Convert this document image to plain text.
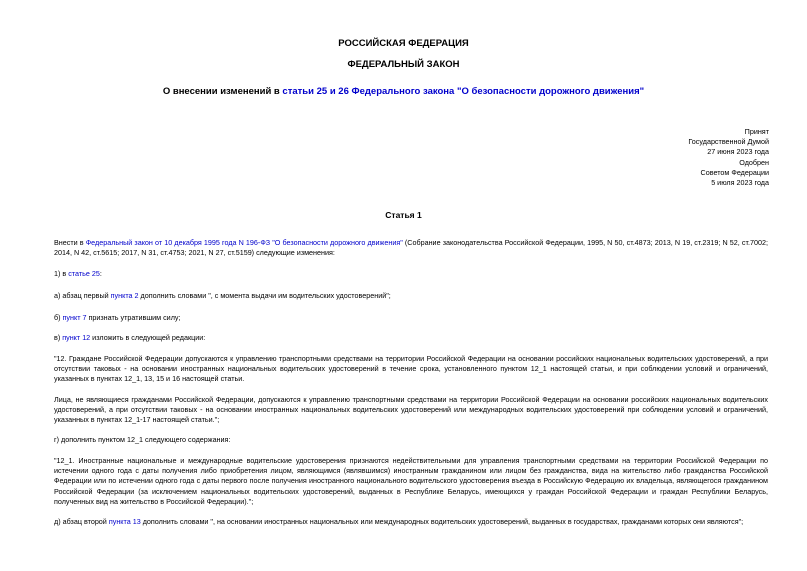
РОССИЙСКАЯ ФЕДЕРАЦИЯ
ФЕДЕРАЛЬНЫЙ ЗАКОН
О внесении изменений в статьи 25 и 26 Федерального закона "О безопасности дорожного движения"
Принят
Государственной Думой
27 июня 2023 года
Одобрен
Советом Федерации
5 июля 2023 года
Статья 1
Внести в Федеральный закон от 10 декабря 1995 года N 196-ФЗ "О безопасности дорожного движения" (Собрание законодательства Российской Федерации, 1995, N 50, ст.4873; 2013, N 19, ст.2319; N 52, ст.7002; 2014, N 42, ст.5615; 2017, N 31, ст.4753; 2021, N 27, ст.5159) следующие изменения:
1) в статье 25:
а) абзац первый пункта 2 дополнить словами ", с момента выдачи им водительских удостоверений";
б) пункт 7 признать утратившим силу;
в) пункт 12 изложить в следующей редакции:
"12. Граждане Российской Федерации допускаются к управлению транспортными средствами на территории Российской Федерации на основании российских национальных водительских удостоверений, а при отсутствии таковых - на основании иностранных национальных водительских удостоверений в течение срока, установленного пунктом 12_1 настоящей статьи, и при соблюдении условий и ограничений, указанных в пунктах 12_1, 13, 15 и 16 настоящей статьи.
Лица, не являющиеся гражданами Российской Федерации, допускаются к управлению транспортными средствами на территории Российской Федерации на основании российских национальных водительских удостоверений, а при отсутствии таковых - на основании иностранных национальных водительских удостоверений или международных водительских удостоверений при соблюдении условий и ограничений, указанных в пунктах 12_1-17 настоящей статьи.";
г) дополнить пунктом 12_1 следующего содержания:
"12_1. Иностранные национальные и международные водительские удостоверения признаются недействительными для управления транспортными средствами на территории Российской Федерации по истечении одного года с даты получения либо приобретения лицом, являющимся (являвшимся) иностранным гражданином или лицом без гражданства, вида на жительство либо гражданства Российской Федерации или по истечении одного года с даты первого после получения иностранного национального водительского удостоверения въезда в Российскую Федерацию их владельца, являющегося гражданином Российской Федерации (за исключением национальных водительских удостоверений, выданных в Республике Беларусь, имеющихся у граждан Российской Федерации и граждан Республики Беларусь, полученных вид на жительство в Российской Федерации).";
д) абзац второй пункта 13 дополнить словами ", на основании иностранных национальных или международных водительских удостоверений, выданных в государствах, гражданами которых они являются";
